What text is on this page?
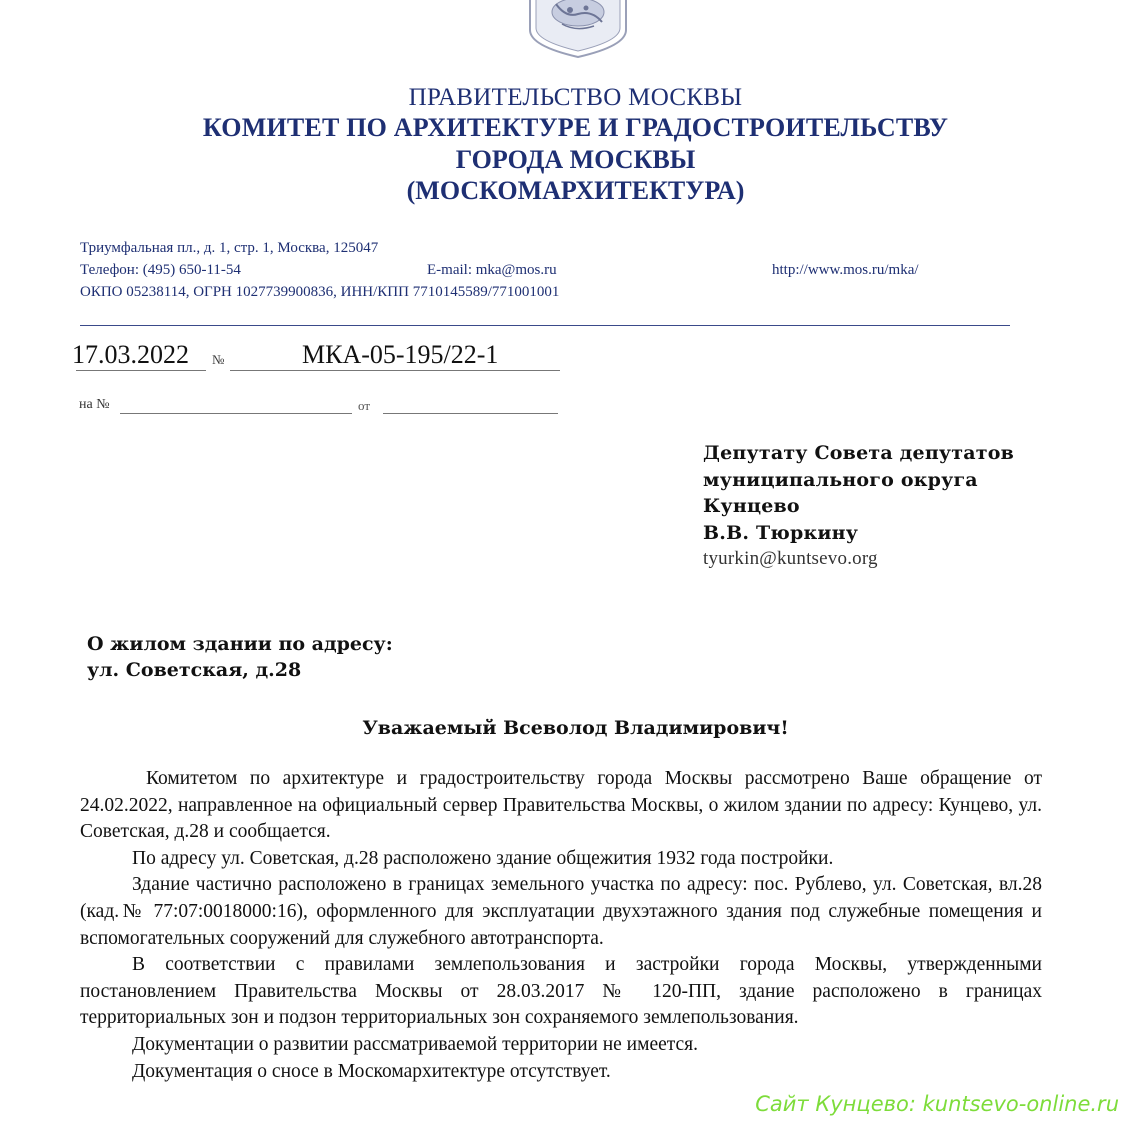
ПРАВИТЕЛЬСТВО МОСКВЫ
КОМИТЕТ ПО АРХИТЕКТУРЕ И ГРАДОСТРОИТЕЛЬСТВУ
ГОРОДА МОСКВЫ
(МОСКОМАРХИТЕКТУРА)
Триумфальная пл., д. 1, стр. 1, Москва, 125047
Телефон: (495) 650-11-54	E-mail: mka@mos.ru	http://www.mos.ru/mka/
ОКПО 05238114, ОГРН 1027739900836, ИНН/КПП 7710145589/771001001
17.03.2022 №	МКА-05-195/22-1
на №	от
Депутату Совета депутатов
муниципального округа
Кунцево
В.В. Тюркину
tyurkin@kuntsevo.org
О жилом здании по адресу:
ул. Советская, д.28
Уважаемый Всеволод Владимирович!

Комитетом по архитектуре и градостроительству города Москвы рассмотрено Ваше обращение от 24.02.2022, направленное на официальный сервер Правительства Москвы, о жилом здании по адресу: Кунцево, ул. Советская, д.28 и сообщается.

По адресу ул. Советская, д.28 расположено здание общежития 1932 года постройки.

Здание частично расположено в границах земельного участка по адресу: пос. Рублево, ул. Советская, вл.28 (кад.№ 77:07:0018000:16), оформленного для эксплуатации двухэтажного здания под служебные помещения и вспомогательных сооружений для служебного автотранспорта.

В соответствии с правилами землепользования и застройки города Москвы, утвержденными постановлением Правительства Москвы от 28.03.2017 № 120-ПП, здание расположено в границах территориальных зон и подзон территориальных зон сохраняемого землепользования.

Документации о развитии рассматриваемой территории не имеется.

Документация о сносе в Москомархитектуре отсутствует.

Сайт Кунцево: kuntsevo-online.ru
